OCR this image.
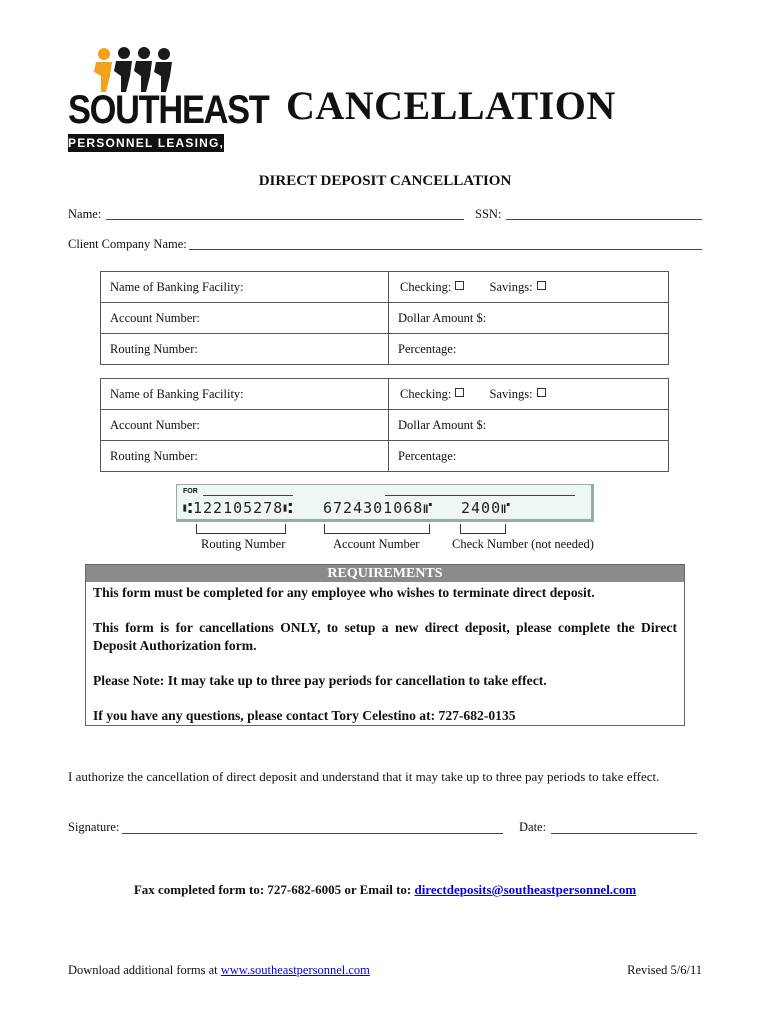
SOUTHEAST
PERSONNEL LEASING, INC.
CANCELLATION
DIRECT DEPOSIT CANCELLATION
Name:	SSN:
Client Company Name:
Name of Banking Facility:	Checking: Savings:
Account Number:	Dollar Amount $:
Routing Number:	Percentage:
Name of Banking Facility:	Checking: Savings:
Account Number:	Dollar Amount $:
Routing Number:	Percentage:
FOR
⑆122105278⑆ 6724301068⑈ 2400⑈
Routing Number	Account Number	Check Number (not needed)
REQUIREMENTS

This form must be completed for any employee who wishes to terminate direct deposit.

This form is for cancellations ONLY, to setup a new direct deposit, please complete the Direct Deposit Authorization form.

Please Note: It may take up to three pay periods for cancellation to take effect.

If you have any questions, please contact Tory Celestino at: 727-682-0135

I authorize the cancellation of direct deposit and understand that it may take up to three pay periods to take effect.
Signature:	Date:
Fax completed form to: 727-682-6005 or Email to: directdeposits@southeastpersonnel.com
Download additional forms at www.southeastpersonnel.com	Revised 5/6/11
